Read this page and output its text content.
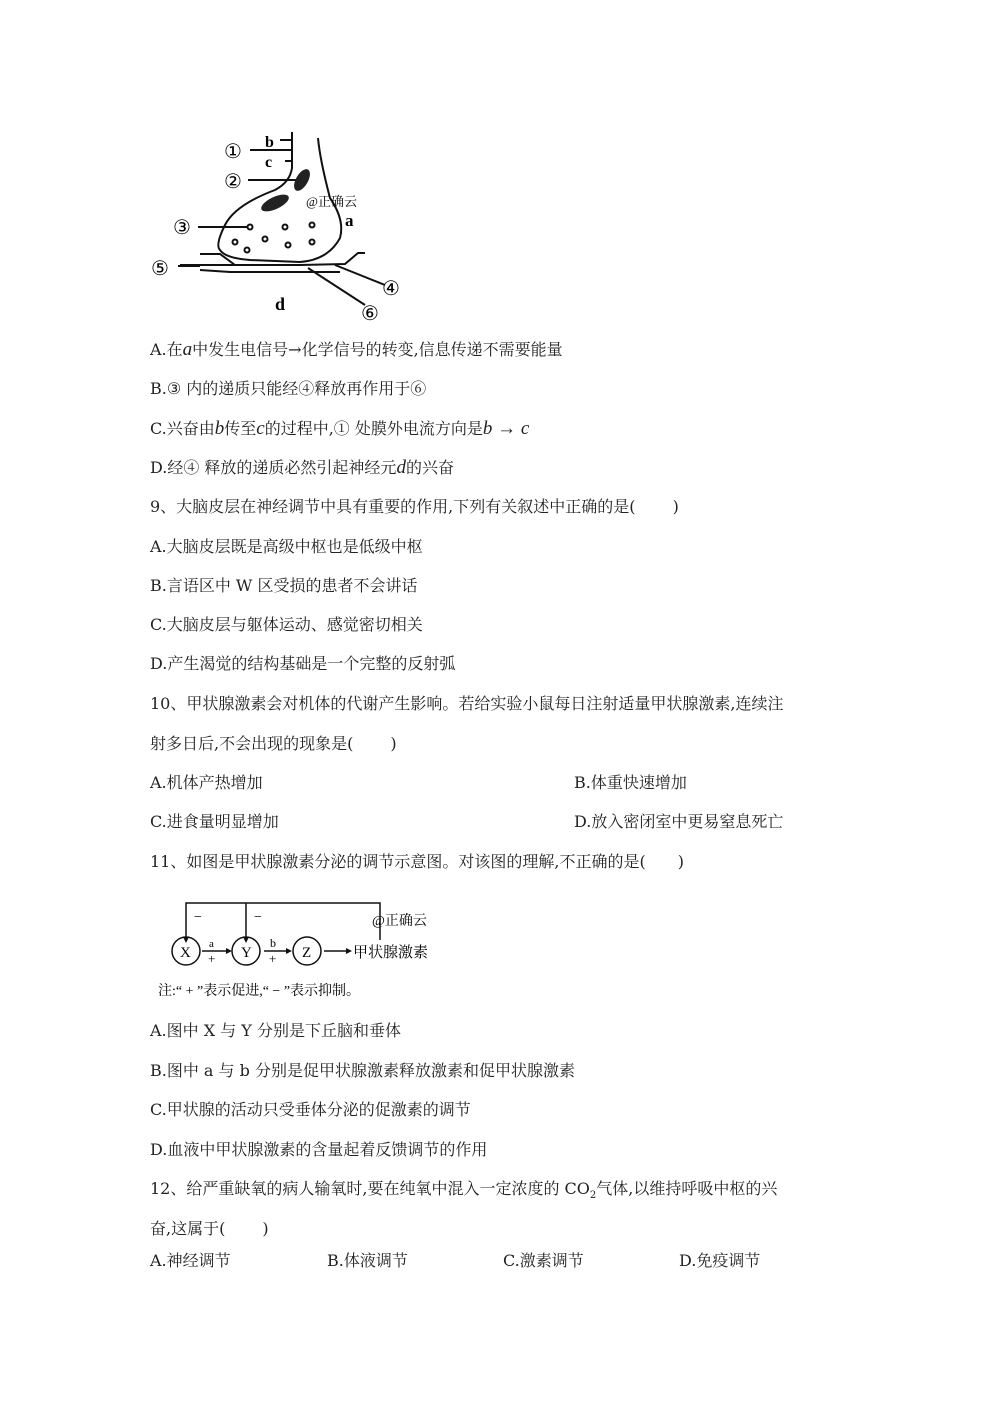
①
②
③
⑤
④
⑥
b
c
a
d
@正确云
A.在a中发生电信号→化学信号的转变,信息传递不需要能量
B.③ 内的递质只能经④释放再作用于⑥
C.兴奋由b传至c的过程中,① 处膜外电流方向是b → c
D.经④ 释放的递质必然引起神经元d的兴奋
9、大脑皮层在神经调节中具有重要的作用,下列有关叙述中正确的是(　　 )
A.大脑皮层既是高级中枢也是低级中枢
B.言语区中 W 区受损的患者不会讲话
C.大脑皮层与躯体运动、感觉密切相关
D.产生渴觉的结构基础是一个完整的反射弧
10、甲状腺激素会对机体的代谢产生影响。若给实验小鼠每日注射适量甲状腺激素,连续注
射多日后,不会出现的现象是(　　 )
A.机体产热增加	B.体重快速增加
C.进食量明显增加	D.放入密闭室中更易窒息死亡
11、如图是甲状腺激素分泌的调节示意图。对该图的理解,不正确的是(　　)
−	−
X	Y	Z
a
+
b
+	甲状腺激素
@正确云
注:“ + ”表示促进,“ − ”表示抑制。
A.图中 X 与 Y 分别是下丘脑和垂体
B.图中 a 与 b 分别是促甲状腺激素释放激素和促甲状腺激素
C.甲状腺的活动只受垂体分泌的促激素的调节
D.血液中甲状腺激素的含量起着反馈调节的作用
12、给严重缺氧的病人输氧时,要在纯氧中混入一定浓度的 $CO_2$气体,以维持呼吸中枢的兴
奋,这属于(　　 )
A.神经调节	B.体液调节	C.激素调节	D.免疫调节
